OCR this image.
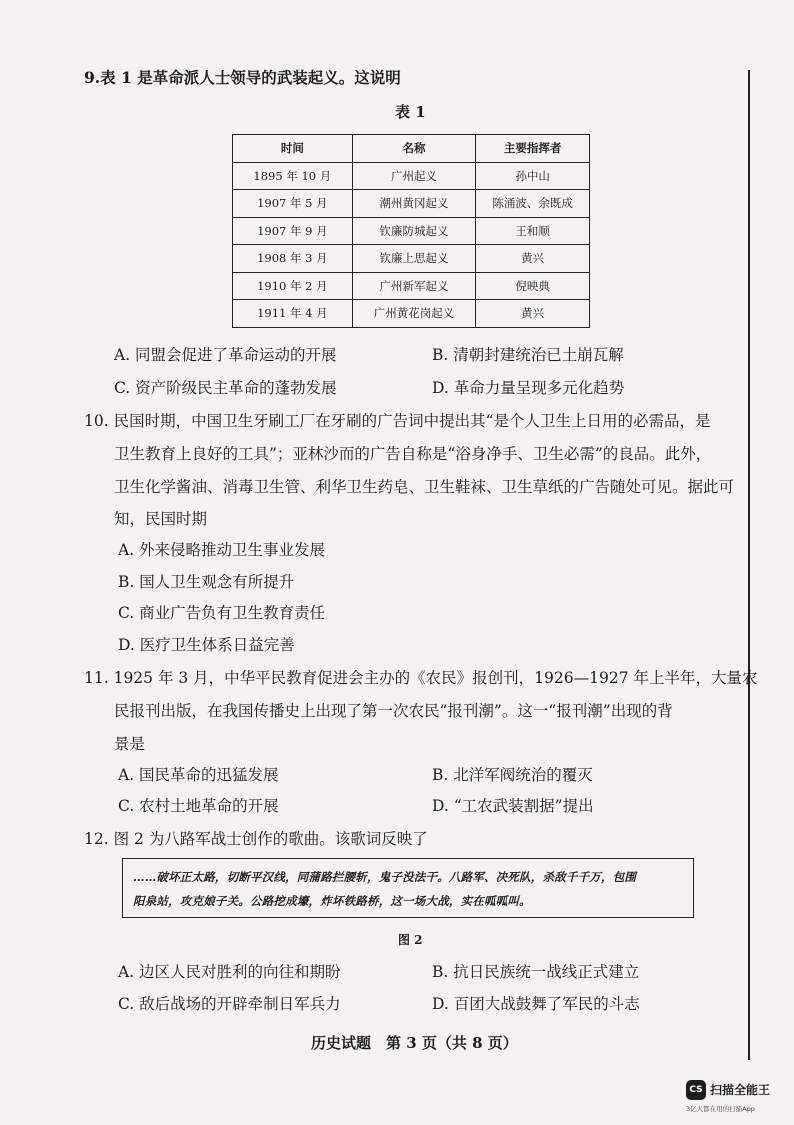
9.表 1 是革命派人士领导的武装起义。这说明
表 1
时间	名称	主要指挥者
1895 年 10 月	广州起义	孙中山
1907 年 5 月	潮州黄冈起义	陈涌波、余既成
1907 年 9 月	钦廉防城起义	王和顺
1908 年 3 月	钦廉上思起义	黄兴
1910 年 2 月	广州新军起义	倪映典
1911 年 4 月	广州黄花岗起义	黄兴
A. 同盟会促进了革命运动的开展	B. 清朝封建统治已土崩瓦解
C. 资产阶级民主革命的蓬勃发展	D. 革命力量呈现多元化趋势
10. 民国时期，中国卫生牙刷工厂在牙刷的广告词中提出其“是个人卫生上日用的必需品，是
卫生教育上良好的工具”；亚林沙而的广告自称是“浴身净手、卫生必需”的良品。此外，
卫生化学酱油、消毒卫生管、利华卫生药皂、卫生鞋袜、卫生草纸的广告随处可见。据此可
知，民国时期
A. 外来侵略推动卫生事业发展
B. 国人卫生观念有所提升
C. 商业广告负有卫生教育责任
D. 医疗卫生体系日益完善
11. 1925 年 3 月，中华平民教育促进会主办的《农民》报创刊，1926—1927 年上半年，大量农
民报刊出版，在我国传播史上出现了第一次农民“报刊潮”。这一“报刊潮”出现的背
景是
A. 国民革命的迅猛发展	B. 北洋军阀统治的覆灭
C. 农村土地革命的开展	D. “工农武装割据”提出
12. 图 2 为八路军战士创作的歌曲。该歌词反映了
……破坏正太路，切断平汉线，同蒲路拦腰斩，鬼子没法干。八路军、决死队，杀敌千千万，包围
阳泉站，攻克娘子关。公路挖成壕，炸坏铁路桥，这一场大战，实在呱呱叫。
图 2
A. 边区人民对胜利的向往和期盼	B. 抗日民族统一战线正式建立
C. 敌后战场的开辟牵制日军兵力	D. 百团大战鼓舞了军民的斗志
历史试题　第 3 页（共 8 页）
CS 扫描全能王
3亿人都在用的扫描App
